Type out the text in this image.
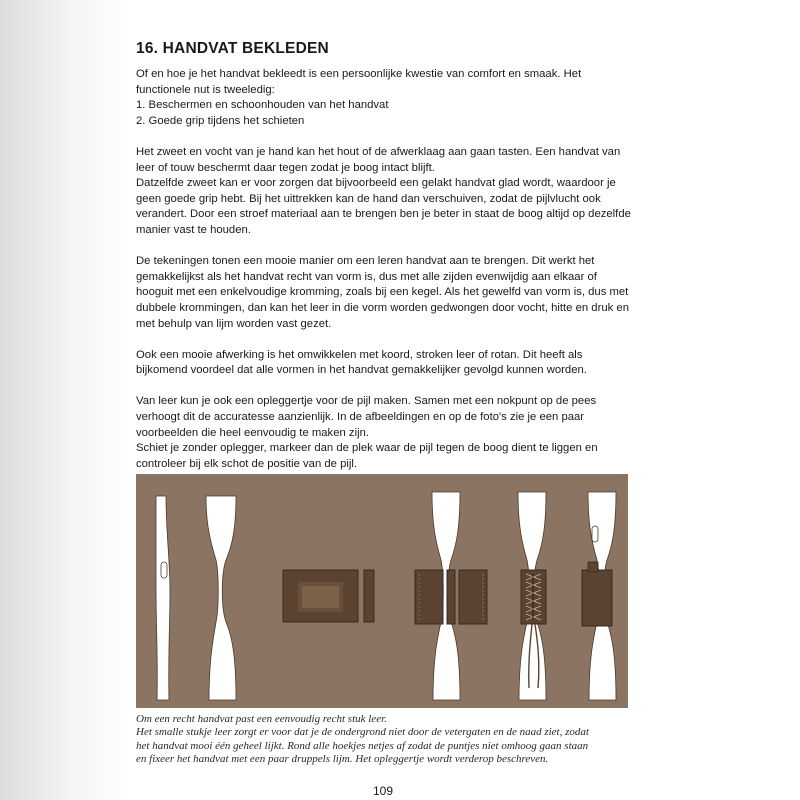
16. HANDVAT BEKLEDEN

Of en hoe je het handvat bekleedt is een persoonlijke kwestie van comfort en smaak. Het functionele nut is tweeledig:
1. Beschermen en schoonhouden van het handvat
2. Goede grip tijdens het schieten

Het zweet en vocht van je hand kan het hout of de afwerklaag aan gaan tasten. Een handvat van leer of touw beschermt daar tegen zodat je boog intact blijft.
Datzelfde zweet kan er voor zorgen dat bijvoorbeeld een gelakt handvat glad wordt, waardoor je geen goede grip hebt. Bij het uittrekken kan de hand dan verschuiven, zodat de pijlvlucht ook verandert. Door een stroef materiaal aan te brengen ben je beter in staat de boog altijd op dezelfde manier vast te houden.

De tekeningen tonen een mooie manier om een leren handvat aan te brengen. Dit werkt het gemakkelijkst als het handvat recht van vorm is, dus met alle zijden evenwijdig aan elkaar of hooguit met een enkelvoudige kromming, zoals bij een kegel. Als het gewelfd van vorm is, dus met dubbele krommingen, dan kan het leer in die vorm worden gedwongen door vocht, hitte en druk en met behulp van lijm worden vast gezet.

Ook een mooie afwerking is het omwikkelen met koord, stroken leer of rotan. Dit heeft als bijkomend voordeel dat alle vormen in het handvat gemakkelijker gevolgd kunnen worden.

Van leer kun je ook een opleggertje voor de pijl maken. Samen met een nokpunt op de pees verhoogt dit de accuratesse aanzienlijk. In de afbeeldingen en op de foto's zie je een paar voorbeelden die heel eenvoudig te maken zijn.
Schiet je zonder oplegger, markeer dan de plek waar de pijl tegen de boog dient te liggen en controleer bij elk schot de positie van de pijl.

Om een recht handvat past een eenvoudig recht stuk leer.
Het smalle stukje leer zorgt er voor dat je de ondergrond niet door de vetergaten en de naad ziet, zodat
het handvat mooi één geheel lijkt. Rond alle hoekjes netjes af zodat de puntjes niet omhoog gaan staan
en fixeer het handvat met een paar druppels lijm. Het opleggertje wordt verderop beschreven.
109
